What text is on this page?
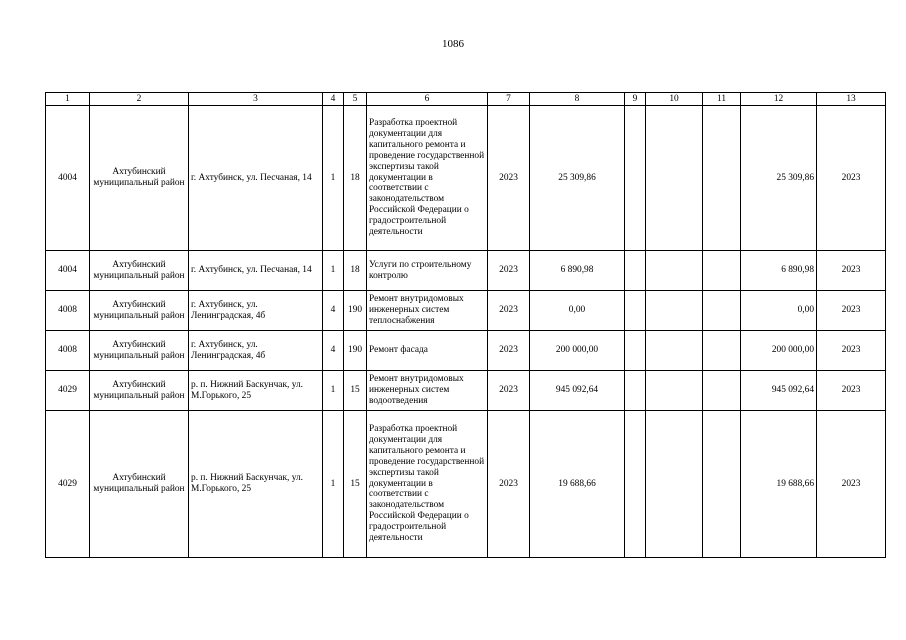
1086
1	2	3	4	5	6	7	8	9	10	11	12	13
4004	Ахтубинский муниципальный район	г. Ахтубинск, ул. Песчаная, 14	1	18	Разработка проектной документации для капитального ремонта и проведение государственной экспертизы такой документации в соответствии с законодательством Российской Федерации о градостроительной деятельности	2023	25 309,86				25 309,86	2023
4004	Ахтубинский муниципальный район	г. Ахтубинск, ул. Песчаная, 14	1	18	Услуги по строительному контролю	2023	6 890,98				6 890,98	2023
4008	Ахтубинский муниципальный район	г. Ахтубинск, ул. Ленинградская, 4б	4	190	Ремонт внутридомовых инженерных систем теплоснабжения	2023	0,00				0,00	2023
4008	Ахтубинский муниципальный район	г. Ахтубинск, ул. Ленинградская, 4б	4	190	Ремонт фасада	2023	200 000,00				200 000,00	2023
4029	Ахтубинский муниципальный район	р. п. Нижний Баскунчак, ул. М.Горького, 25	1	15	Ремонт внутридомовых инженерных систем водоотведения	2023	945 092,64				945 092,64	2023
4029	Ахтубинский муниципальный район	р. п. Нижний Баскунчак, ул. М.Горького, 25	1	15	Разработка проектной документации для капитального ремонта и проведение государственной экспертизы такой документации в соответствии с законодательством Российской Федерации о градостроительной деятельности	2023	19 688,66				19 688,66	2023
